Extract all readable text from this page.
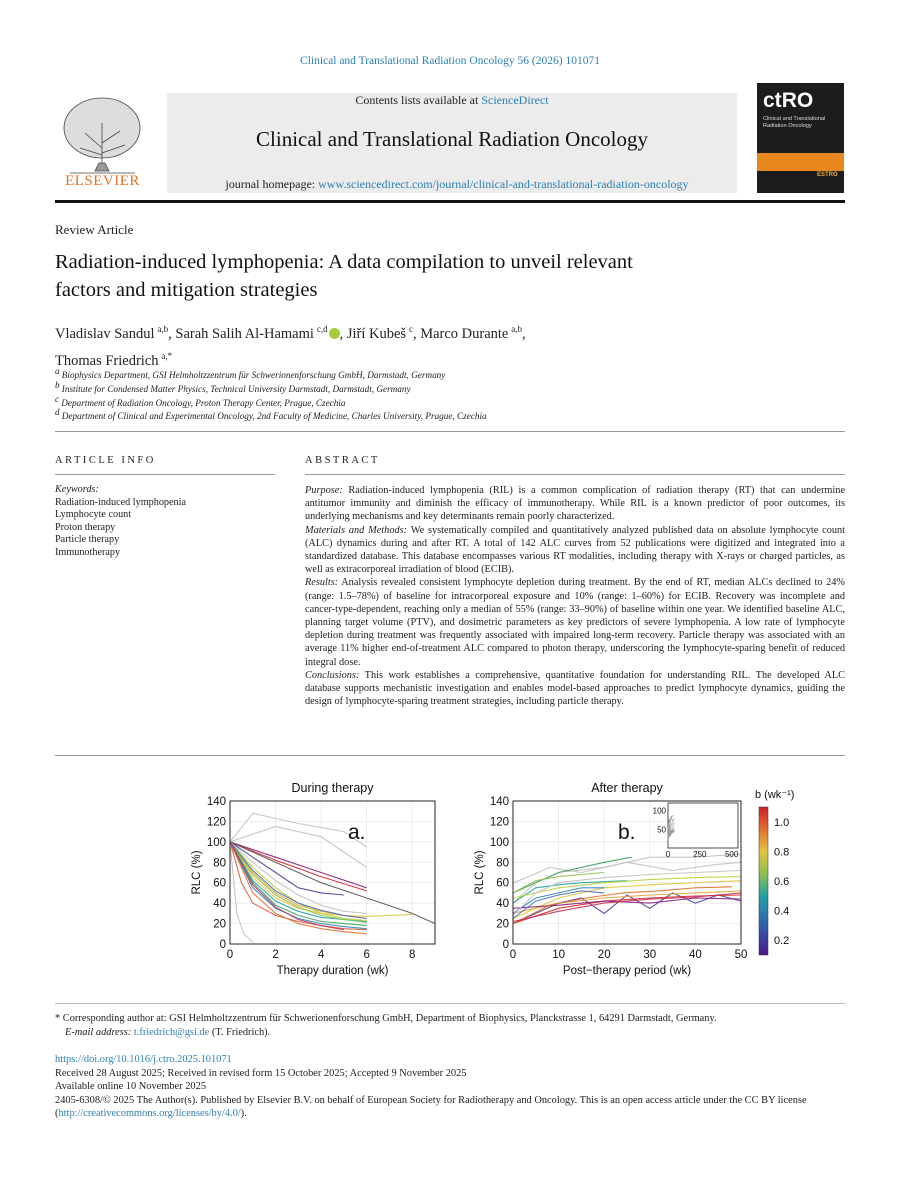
Clinical and Translational Radiation Oncology 56 (2026) 101071
ELSEVIER
Contents lists available at ScienceDirect
Clinical and Translational Radiation Oncology
journal homepage: www.sciencedirect.com/journal/clinical-and-translational-radiation-oncology
ctRO
Clinical and Translational Radiation Oncology
ESTRO
Review Article
Radiation-induced lymphopenia: A data compilation to unveil relevant
factors and mitigation strategies
Vladislav Sandul  $^{a,b}$, Sarah Salih Al-Hamami  $^{c,d}$ , Jiří Kubeš  $^c$, Marco Durante  $^{a,b}$,
Thomas Friedrich  $^{a,*}$
$^a$ Biophysics Department, GSI Helmholtzzentrum für Schwerionenforschung GmbH, Darmstadt, Germany
$^b$ Institute for Condensed Matter Physics, Technical University Darmstadt, Darmstadt, Germany
$^c$ Department of Radiation Oncology, Proton Therapy Center, Prague, Czechia
$^d$ Department of Clinical and Experimental Oncology, 2nd Faculty of Medicine, Charles University, Prague, Czechia
ARTICLE INFO	ABSTRACT
Keywords:
Radiation-induced lymphopenia
Lymphocyte count
Proton therapy
Particle therapy
Immunotherapy

Purpose: Radiation-induced lymphopenia (RIL) is a common complication of radiation therapy (RT) that can undermine antitumor immunity and diminish the efficacy of immunotherapy. While RIL is a known predictor of poor outcomes, its underlying mechanisms and key determinants remain poorly characterized.

Materials and Methods: We systematically compiled and quantitatively analyzed published data on absolute lymphocyte count (ALC) dynamics during and after RT. A total of 142 ALC curves from 52 publications were digitized and integrated into a standardized database. This database encompasses various RT modalities, including therapy with X-rays or charged particles, as well as extracorporeal irradiation of blood (ECIB).

Results: Analysis revealed consistent lymphocyte depletion during treatment. By the end of RT, median ALCs declined to 24% (range: 1.5–78%) of baseline for intracorporeal exposure and 10% (range: 1–60%) for ECIB. Recovery was incomplete and cancer-type-dependent, reaching only a median of 55% (range: 33–90%) of baseline within one year. We identified baseline ALC, planning target volume (PTV), and dosimetric parameters as key predictors of severe lymphopenia. A low rate of lymphocyte depletion during treatment was frequently associated with impaired long-term recovery. Particle therapy was associated with an average 11% higher end-of-treatment ALC compared to photon therapy, underscoring the lymphocyte-sparing benefit of reduced integral dose.

Conclusions: This work establishes a comprehensive, quantitative foundation for understanding RIL. The developed ALC database supports mechanistic investigation and enables model-based approaches to predict lymphocyte dynamics, guiding the design of lymphocyte-sparing treatment strategies, including particle therapy.

0
20
40
60
80
100
120
140
0	2	4	6	8
During therapy
Therapy duration (wk)
RLC (%)
a.
0
20
40
60
80
100
120
140
0	10	20	30	40	50
After therapy
Post−therapy period (wk)
RLC (%)
b.
0	250 500
50
100
0.2
0.4
0.6
0.8
1.0
b (wk⁻¹)
* Corresponding author at: GSI Helmholtzzentrum für Schwerionenforschung GmbH, Department of Biophysics, Planckstrasse 1, 64291 Darmstadt, Germany.
E-mail address: t.friedrich@gsi.de (T. Friedrich).
https://doi.org/10.1016/j.ctro.2025.101071
Received 28 August 2025; Received in revised form 15 October 2025; Accepted 9 November 2025
Available online 10 November 2025
2405-6308/© 2025 The Author(s). Published by Elsevier B.V. on behalf of European Society for Radiotherapy and Oncology. This is an open access article under the CC BY license (http://creativecommons.org/licenses/by/4.0/).
